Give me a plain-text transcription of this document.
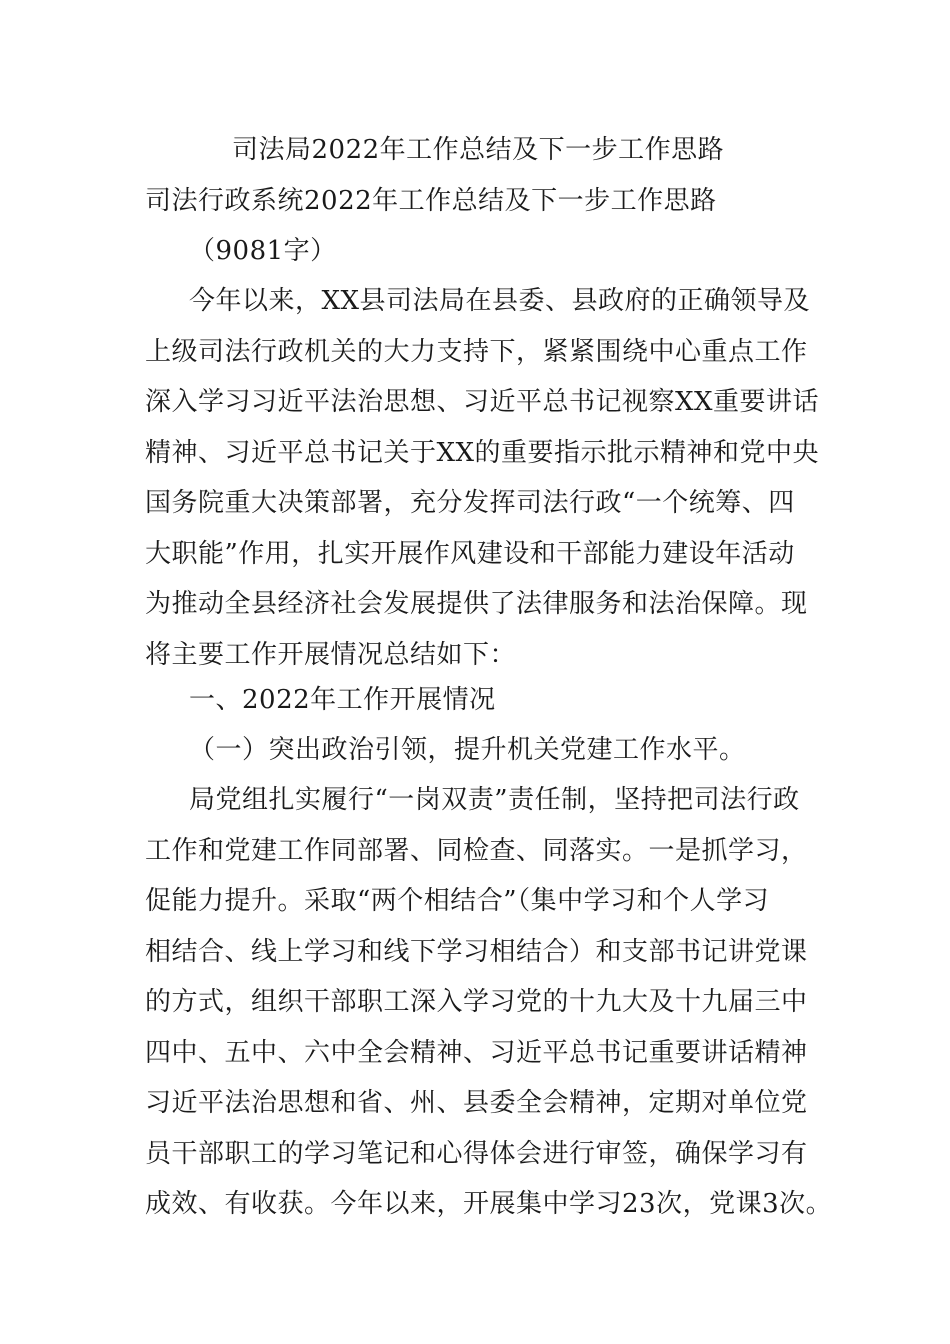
司法局2022年工作总结及下一步工作思路
司法行政系统2022年工作总结及下一步工作思路
（9081字）
今年以来，XX县司法局在县委、县政府的正确领导及
上级司法行政机关的大力支持下，紧紧围绕中心重点工作
深入学习习近平法治思想、习近平总书记视察XX重要讲话
精神、习近平总书记关于XX的重要指示批示精神和党中央
国务院重大决策部署，充分发挥司法行政“一个统筹、四
大职能”作用，扎实开展作风建设和干部能力建设年活动
为推动全县经济社会发展提供了法律服务和法治保障。现
将主要工作开展情况总结如下：
一、2022年工作开展情况
（一）突出政治引领，提升机关党建工作水平。
局党组扎实履行“一岗双责”责任制，坚持把司法行政
工作和党建工作同部署、同检查、同落实。一是抓学习，
促能力提升。采取“两个相结合”（集中学习和个人学习
相结合、线上学习和线下学习相结合）和支部书记讲党课
的方式，组织干部职工深入学习党的十九大及十九届三中
四中、五中、六中全会精神、习近平总书记重要讲话精神
习近平法治思想和省、州、县委全会精神，定期对单位党
员干部职工的学习笔记和心得体会进行审签，确保学习有
成效、有收获。今年以来，开展集中学习23次，党课3次。
